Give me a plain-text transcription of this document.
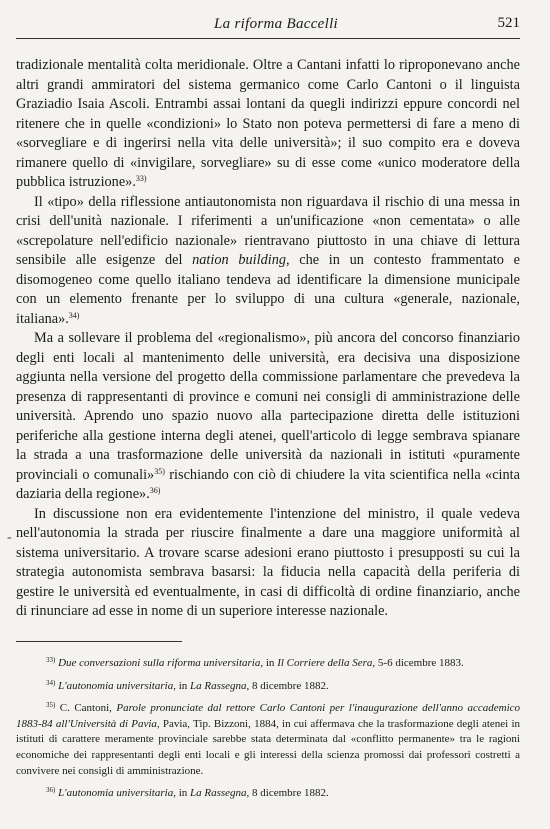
La riforma Baccelli	521

tradizionale mentalità colta meridionale. Oltre a Cantani infatti lo riproponevano anche altri grandi ammiratori del sistema germanico come Carlo Cantoni o il linguista Graziadio Isaia Ascoli. Entrambi assai lontani da quegli indirizzi eppure concordi nel ritenere che in quelle «condizioni» lo Stato non poteva permettersi di fare a meno di «sorvegliare e di ingerirsi nella vita delle università»; il suo compito era e doveva rimanere quello di «invigilare, sorvegliare» su di esse come «unico moderatore della pubblica istruzione».$^{33)}$

Il «tipo» della riflessione antiautonomista non riguardava il rischio di una messa in crisi dell'unità nazionale. I riferimenti a un'unificazione «non cementata» o alle «screpolature nell'edificio nazionale» rientravano piuttosto in una chiave di lettura sensibile alle esigenze del nation building, che in un contesto frammentato e disomogeneo come quello italiano tendeva ad identificare la dimensione municipale con un elemento frenante per lo sviluppo di una cultura «generale, nazionale, italiana».$^{34)}$

Ma a sollevare il problema del «regionalismo», più ancora del concorso finanziario degli enti locali al mantenimento delle università, era decisiva una disposizione aggiunta nella versione del progetto della commissione parlamentare che prevedeva la presenza di rappresentanti di province e comuni nei consigli di amministrazione delle università. Aprendo uno spazio nuovo alla partecipazione diretta delle istituzioni periferiche alla gestione interna degli atenei, quell'articolo di legge sembrava spianare la strada a una trasformazione delle università da nazionali in istituti «puramente provinciali o comunali»$^{35)}$ rischiando con ciò di chiudere la vita scientifica nella «cinta daziaria della regione».$^{36)}$

In discussione non era evidentemente l'intenzione del ministro, il quale vedeva nell'autonomia la strada per riuscire finalmente a dare una maggiore uniformità al sistema universitario. A trovare scarse adesioni erano piuttosto i presupposti su cui la strategia autonomista sembrava basarsi: la fiducia nella capacità della periferia di gestire le università ed eventualmente, in casi di difficoltà di ordine finanziario, anche di rinunciare ad esse in nome di un superiore interesse nazionale.

-

$^{33)}$ Due conversazioni sulla riforma universitaria, in Il Corriere della Sera, 5-6 dicembre 1883.

$^{34)}$ L'autonomia universitaria, in La Rassegna, 8 dicembre 1882.

$^{35)}$ C. Cantoni, Parole pronunciate dal rettore Carlo Cantoni per l'inaugurazione dell'anno accademico 1883-84 all'Università di Pavia, Pavia, Tip. Bizzoni, 1884, in cui affermava che la trasformazione degli atenei in istituti di carattere meramente provinciale sarebbe stata determinata dal «conflitto permanente» tra le ragioni economiche dei rappresentanti degli enti locali e gli interessi della scienza promossi dai professori costretti a convivere nei consigli di amministrazione.

$^{36)}$ L'autonomia universitaria, in La Rassegna, 8 dicembre 1882.
